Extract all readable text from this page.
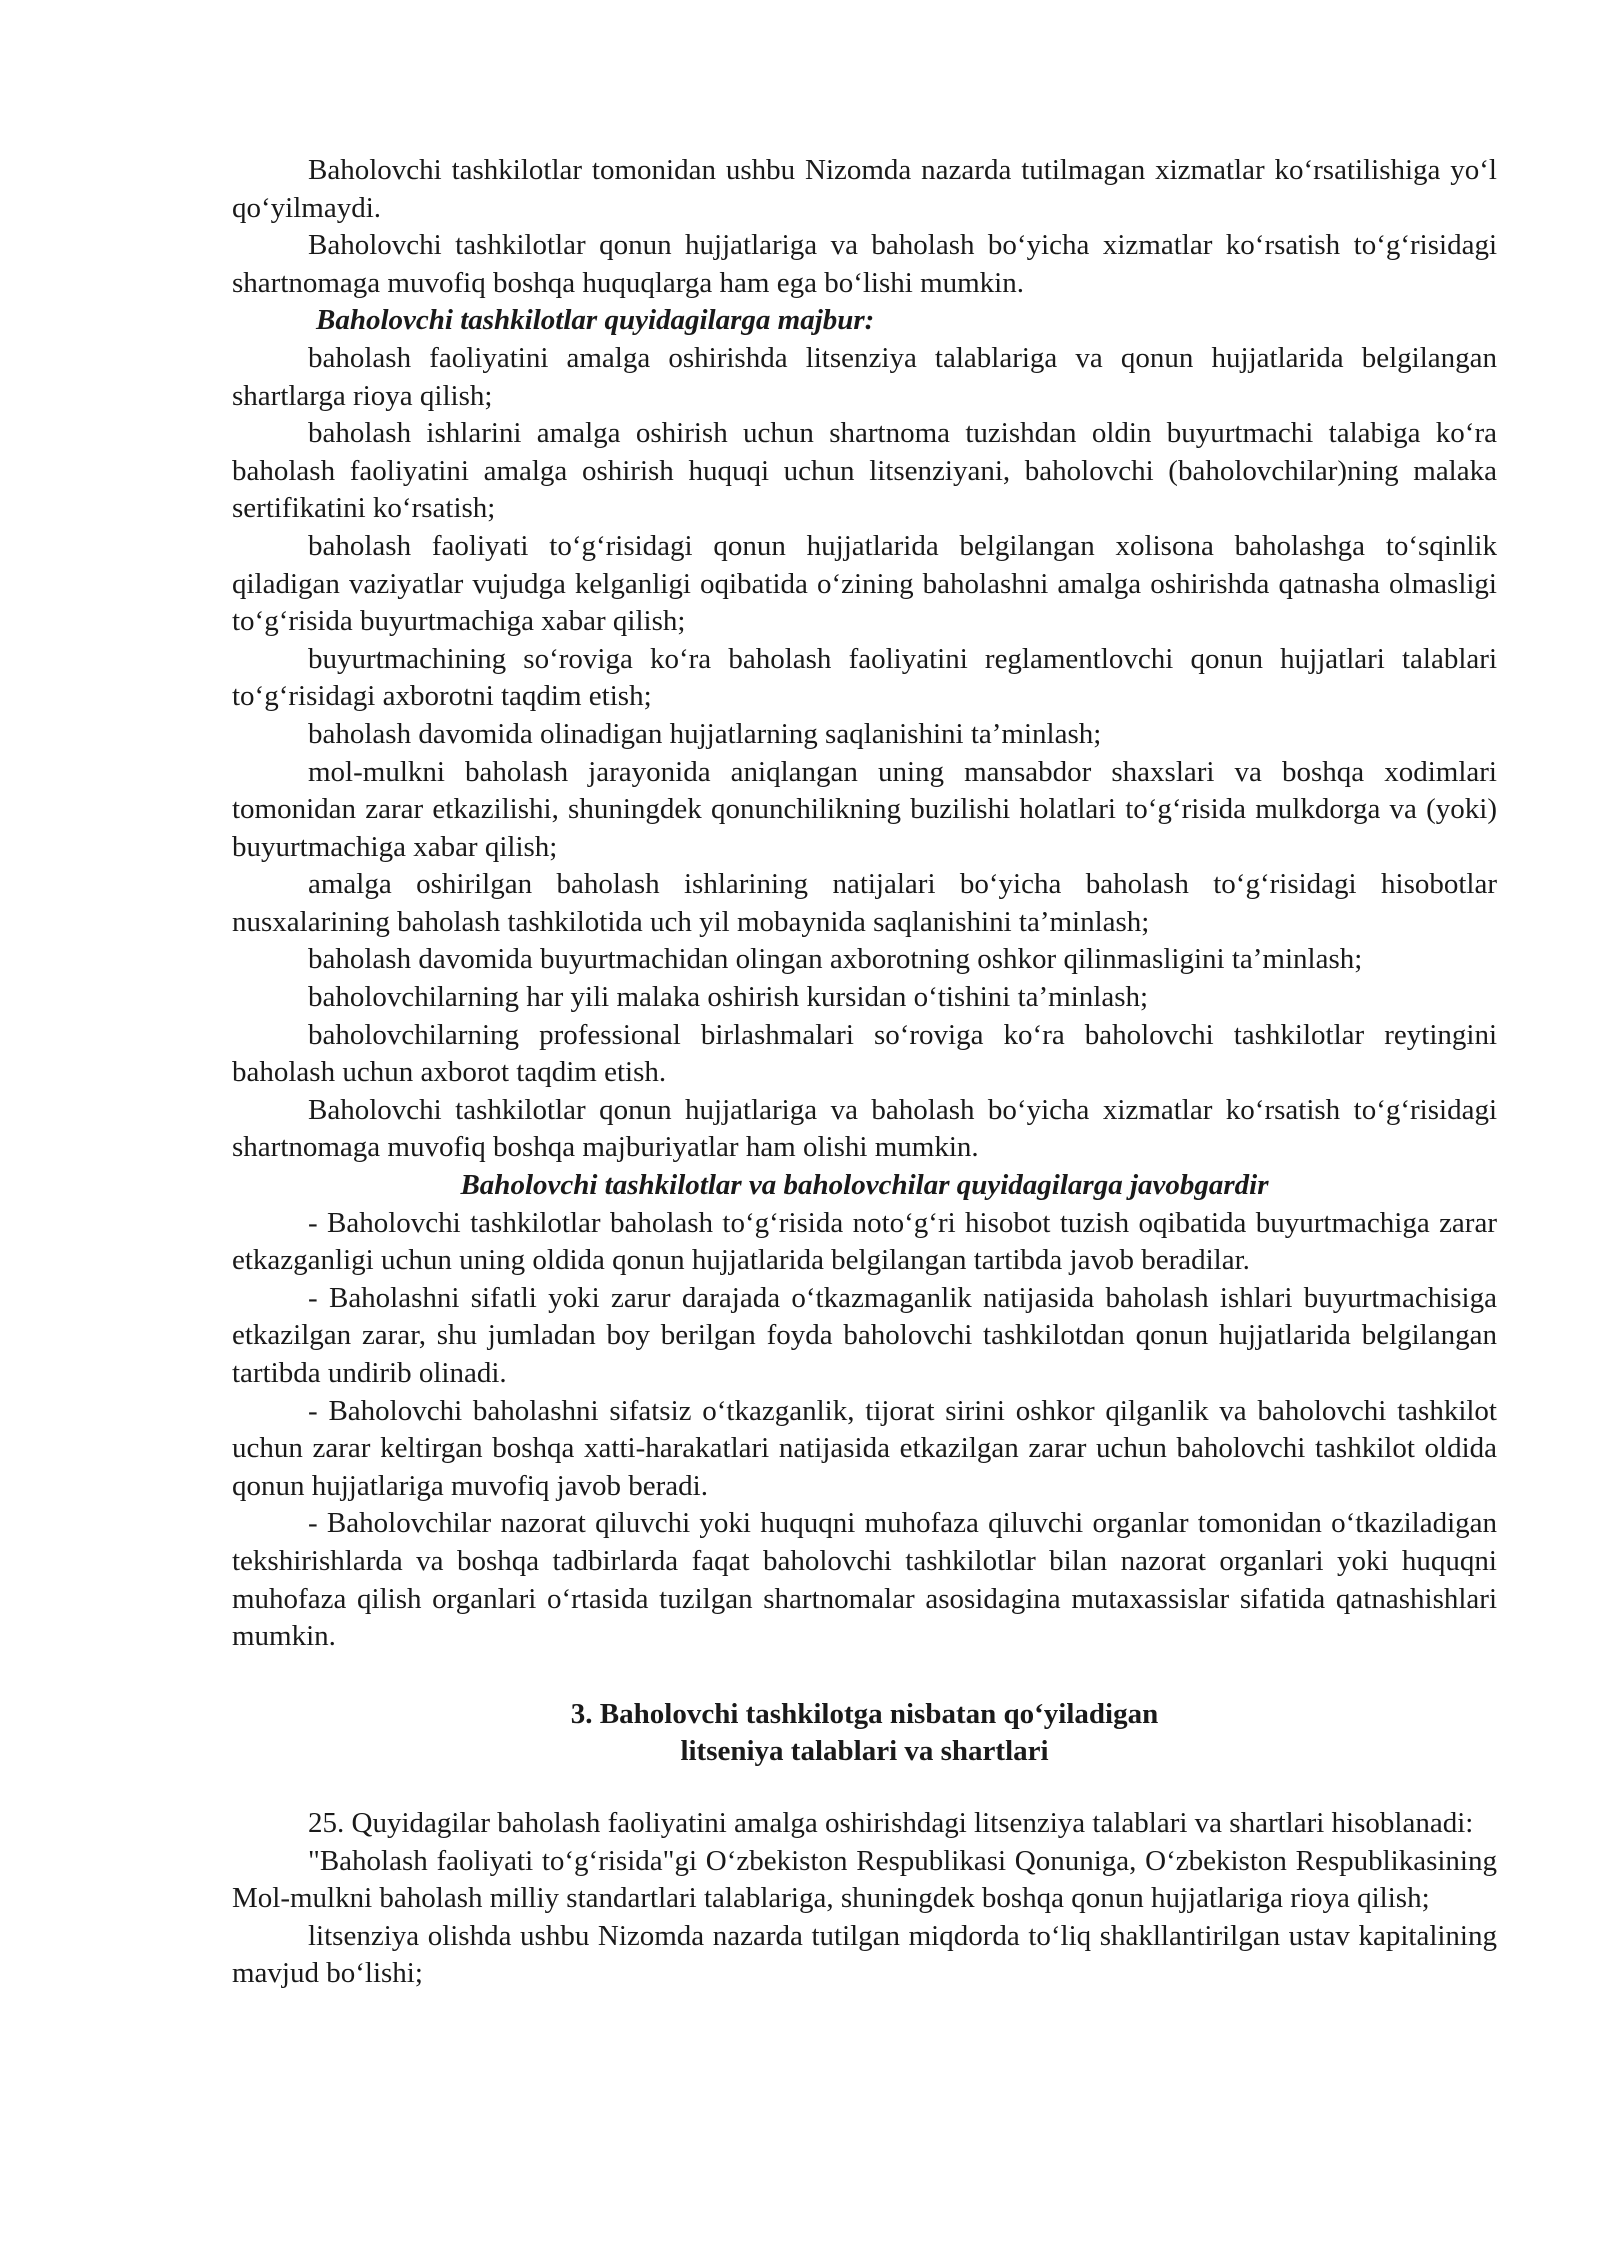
Baholovchi tashkilotlar tomonidan ushbu Nizomda nazarda tutilmagan xizmatlar ko‘rsatilishiga yo‘l qo‘yilmaydi.

Baholovchi tashkilotlar qonun hujjatlariga va baholash bo‘yicha xizmatlar ko‘rsatish to‘g‘risidagi shartnomaga muvofiq boshqa huquqlarga ham ega bo‘lishi mumkin.

Baholovchi tashkilotlar quyidagilarga majbur:

baholash faoliyatini amalga oshirishda litsenziya talablariga va qonun hujjatlarida belgilangan shartlarga rioya qilish;

baholash ishlarini amalga oshirish uchun shartnoma tuzishdan oldin buyurtmachi talabiga ko‘ra baholash faoliyatini amalga oshirish huquqi uchun litsenziyani, baholovchi (baholovchilar)ning malaka sertifikatini ko‘rsatish;

baholash faoliyati to‘g‘risidagi qonun hujjatlarida belgilangan xolisona baholashga to‘sqinlik qiladigan vaziyatlar vujudga kelganligi oqibatida o‘zining baholashni amalga oshirishda qatnasha olmasligi to‘g‘risida buyurtmachiga xabar qilish;

buyurtmachining so‘roviga ko‘ra baholash faoliyatini reglamentlovchi qonun hujjatlari talablari to‘g‘risidagi axborotni taqdim etish;

baholash davomida olinadigan hujjatlarning saqlanishini ta’minlash;

mol-mulkni baholash jarayonida aniqlangan uning mansabdor shaxslari va boshqa xodimlari tomonidan zarar etkazilishi, shuningdek qonunchilikning buzilishi holatlari to‘g‘risida mulkdorga va (yoki) buyurtmachiga xabar qilish;

amalga oshirilgan baholash ishlarining natijalari bo‘yicha baholash to‘g‘risidagi hisobotlar nusxalarining baholash tashkilotida uch yil mobaynida saqlanishini ta’minlash;

baholash davomida buyurtmachidan olingan axborotning oshkor qilinmasligini ta’minlash;

baholovchilarning har yili malaka oshirish kursidan o‘tishini ta’minlash;

baholovchilarning professional birlashmalari so‘roviga ko‘ra baholovchi tashkilotlar reytingini baholash uchun axborot taqdim etish.

Baholovchi tashkilotlar qonun hujjatlariga va baholash bo‘yicha xizmatlar ko‘rsatish to‘g‘risidagi shartnomaga muvofiq boshqa majburiyatlar ham olishi mumkin.

Baholovchi tashkilotlar va baholovchilar quyidagilarga javobgardir

- Baholovchi tashkilotlar baholash to‘g‘risida noto‘g‘ri hisobot tuzish oqibatida buyurtmachiga zarar etkazganligi uchun uning oldida qonun hujjatlarida belgilangan tartibda javob beradilar.

- Baholashni sifatli yoki zarur darajada o‘tkazmaganlik natijasida baholash ishlari buyurtmachisiga etkazilgan zarar, shu jumladan boy berilgan foyda baholovchi tashkilotdan qonun hujjatlarida belgilangan tartibda undirib olinadi.

- Baholovchi baholashni sifatsiz o‘tkazganlik, tijorat sirini oshkor qilganlik va baholovchi tashkilot uchun zarar keltirgan boshqa xatti-harakatlari natijasida etkazilgan zarar uchun baholovchi tashkilot oldida qonun hujjatlariga muvofiq javob beradi.

- Baholovchilar nazorat qiluvchi yoki huquqni muhofaza qiluvchi organlar tomonidan o‘tkaziladigan tekshirishlarda va boshqa tadbirlarda faqat baholovchi tashkilotlar bilan nazorat organlari yoki huquqni muhofaza qilish organlari o‘rtasida tuzilgan shartnomalar asosidagina mutaxassislar sifatida qatnashishlari mumkin.

3. Baholovchi tashkilotga nisbatan qo‘yiladigan
litseniya talablari va shartlari

25. Quyidagilar baholash faoliyatini amalga oshirishdagi litsenziya talablari va shartlari hisoblanadi:

"Baholash faoliyati to‘g‘risida"gi O‘zbekiston Respublikasi Qonuniga, O‘zbekiston Respublikasining Mol-mulkni baholash milliy standartlari talablariga, shuningdek boshqa qonun hujjatlariga rioya qilish;

litsenziya olishda ushbu Nizomda nazarda tutilgan miqdorda to‘liq shakllantirilgan ustav kapitalining mavjud bo‘lishi;
